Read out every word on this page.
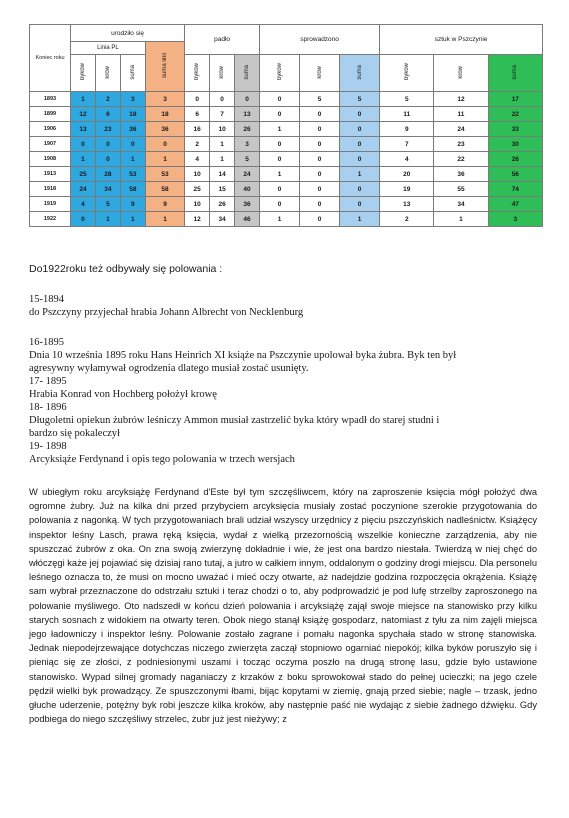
Koniec roku	urodziło się				padło			sprowadzono			sztuk w Pszczynie		
	Linia PL			suma linii									
	byków	krów	suma		byków	krów	suma	byków	krów	suma	byków	krów	suma
1893	1	2	3	3	0	0	0	0	5	5	5	12	17
1899	12	6	18	18	6	7	13	0	0	0	11	11	22
1906	13	23	36	36	16	10	26	1	0	0	9	24	33
1907	0	0	0	0	2	1	3	0	0	0	7	23	30
1908	1	0	1	1	4	1	5	0	0	0	4	22	26
1913	25	28	53	53	10	14	24	1	0	1	20	36	56
1918	24	34	58	58	25	15	40	0	0	0	19	55	74
1919	4	5	9	9	10	26	36	0	0	0	13	34	47
1922	0	1	1	1	12	34	46	1	0	1	2	1	3
Do1922roku też odbywały się polowania :
15-1894
do Pszczyny przyjechał hrabia Johann Albrecht von Necklenburg
16-1895
Dnia 10 września 1895 roku Hans Heinrich XI książe na Pszczynie upolował byka żubra. Byk ten był
agresywny wyłamywał ogrodzenia dlatego musiał zostać usunięty.
17- 1895
Hrabia Konrad von Hochberg położył krowę
18- 1896
Długoletni opiekun żubrów leśniczy Ammon musiał zastrzelić byka który wpadł do starej studni i
bardzo się pokaleczył
19- 1898
Arcyksiąże Ferdynand i opis tego polowania w trzech wersjach
W ubiegłym roku arcyksiążę Ferdynand d'Este był tym szczęśliwcem, który na zaproszenie księcia mógł położyć dwa ogromne żubry. Już na kilka dni przed przybyciem arcyksięcia musiały zostać poczynione szerokie przygotowania do polowania z nagonką. W tych przygotowaniach brali udział wszyscy urzędnicy z pięciu pszczyńskich nadleśnictw. Książęcy inspektor leśny Lasch, prawa ręką księcia, wydał z wielką przezornością wszelkie konieczne zarządzenia, aby nie spuszczać żubrów z oka. On zna swoją zwierzynę dokładnie i wie, że jest ona bardzo niestała. Twierdzą w niej chęć do włóczęgi każe jej pojawiać się dzisiaj rano tutaj, a jutro w całkiem innym, oddalonym o godziny drogi miejscu. Dla personelu leśnego oznacza to, że musi on mocno uważać i mieć oczy otwarte, aż nadejdzie godzina rozpoczęcia okrążenia. Książę sam wybrał przeznaczone do odstrzału sztuki i teraz chodzi o to, aby podprowadzić je pod lufę strzelby zaproszonego na polowanie myśliwego. Oto nadszedł w końcu dzień polowania i arcyksiążę zajął swoje miejsce na stanowisko przy kilku starych sosnach z widokiem na otwarty teren. Obok niego stanął książę gospodarz, natomiast z tyłu za nim zajęli miejsca jego ładowniczy i inspektor leśny. Polowanie zostało zagrane i pomału nagonka spychała stado w stronę stanowiska. Jednak niepodejrzewające dotychczas niczego zwierzęta zaczął stopniowo ogarniać niepokój; kilka byków poruszyło się i pieniąc się ze złości, z podniesionymi uszami i tocząc oczyma poszło na drugą stronę lasu, gdzie było ustawione stanowisko. Wypad silnej gromady naganiaczy z krzaków z boku sprowokował stado do pełnej ucieczki; na jego czele pędził wielki byk prowadzący. Ze spuszczonymi łbami, bijąc kopytami w ziemię, gnają przed siebie; nagle – trzask, jedno głuche uderzenie, potężny byk robi jeszcze kilka kroków, aby następnie paść nie wydając z siebie żadnego dźwięku. Gdy podbiega do niego szczęśliwy strzelec, żubr już jest nieżywy; z
